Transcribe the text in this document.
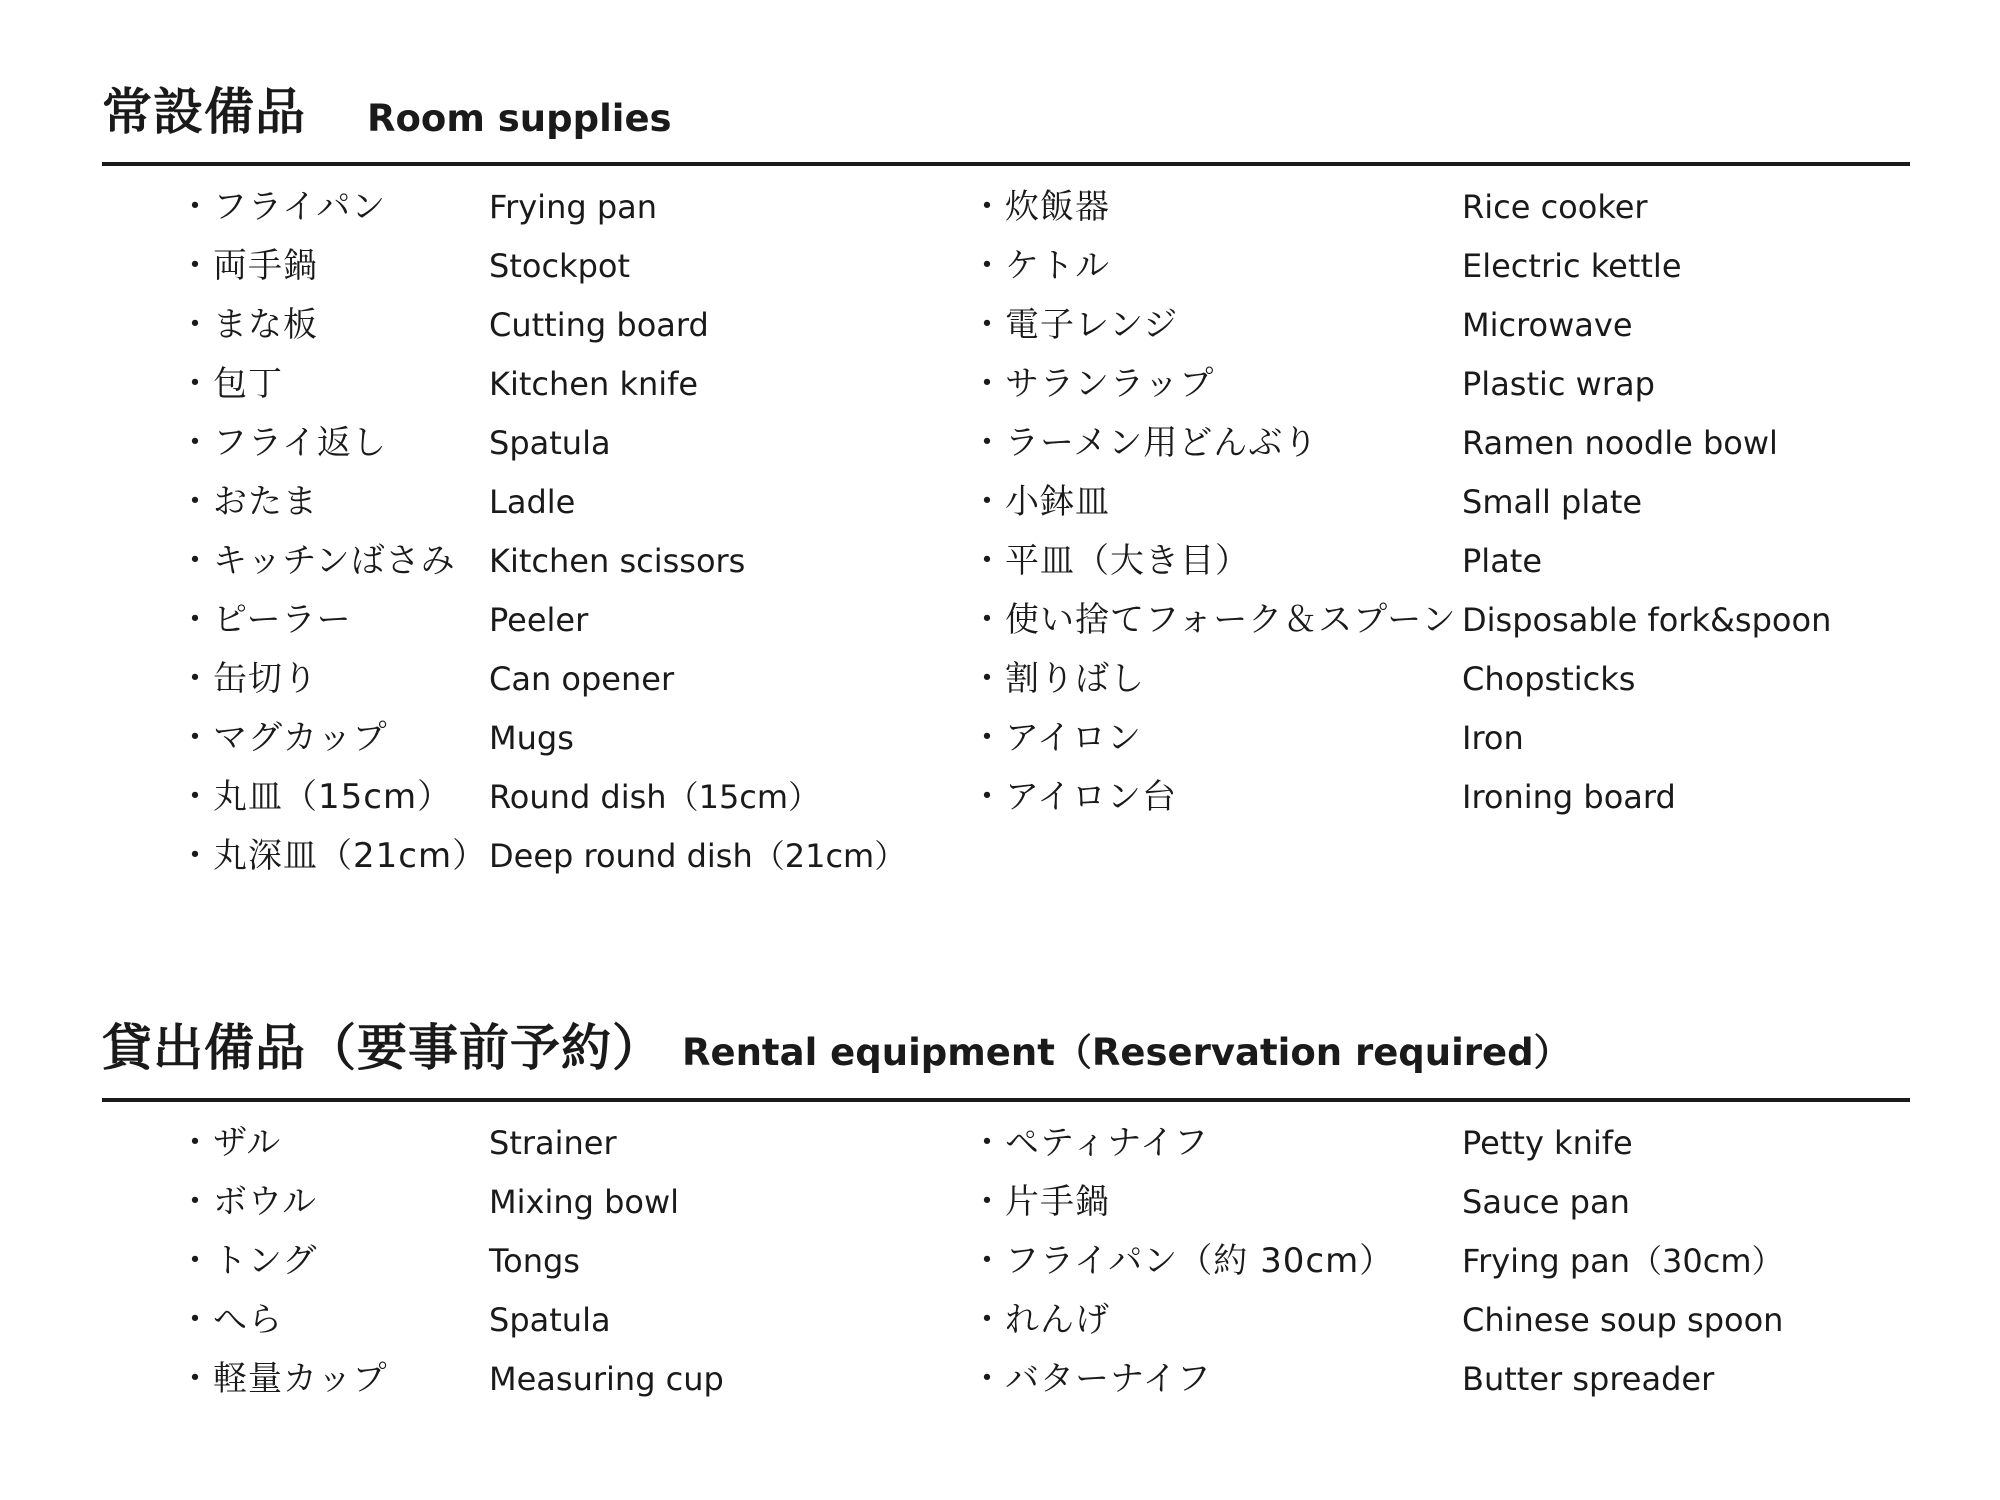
常設備品 Room supplies
・フライパン	Frying pan	・炊飯器	Rice cooker
・両手鍋	Stockpot	・ケトル	Electric kettle
・まな板	Cutting board	・電子レンジ	Microwave
・包丁	Kitchen knife	・サランラップ	Plastic wrap
・フライ返し	Spatula	・ラーメン用どんぶり	Ramen noodle bowl
・おたま	Ladle	・小鉢皿	Small plate
・キッチンばさみ Kitchen scissors	・平皿（大き目）	Plate
・ピーラー	Peeler	・使い捨てフォーク＆スプーン Disposable fork&spoon
・缶切り	Can opener	・割りばし	Chopsticks
・マグカップ	Mugs	・アイロン	Iron
・丸皿（15cm） Round dish（15cm）	・アイロン台	Ironing board
・丸深皿（21cm） Deep round dish（21cm）
貸出備品（要事前予約） Rental equipment（Reservation required）
・ザル	Strainer	・ペティナイフ	Petty knife
・ボウル	Mixing bowl	・片手鍋	Sauce pan
・トング	Tongs	・フライパン（約 30cm） Frying pan（30cm）
・へら	Spatula	・れんげ	Chinese soup spoon
・軽量カップ	Measuring cup	・バターナイフ	Butter spreader
